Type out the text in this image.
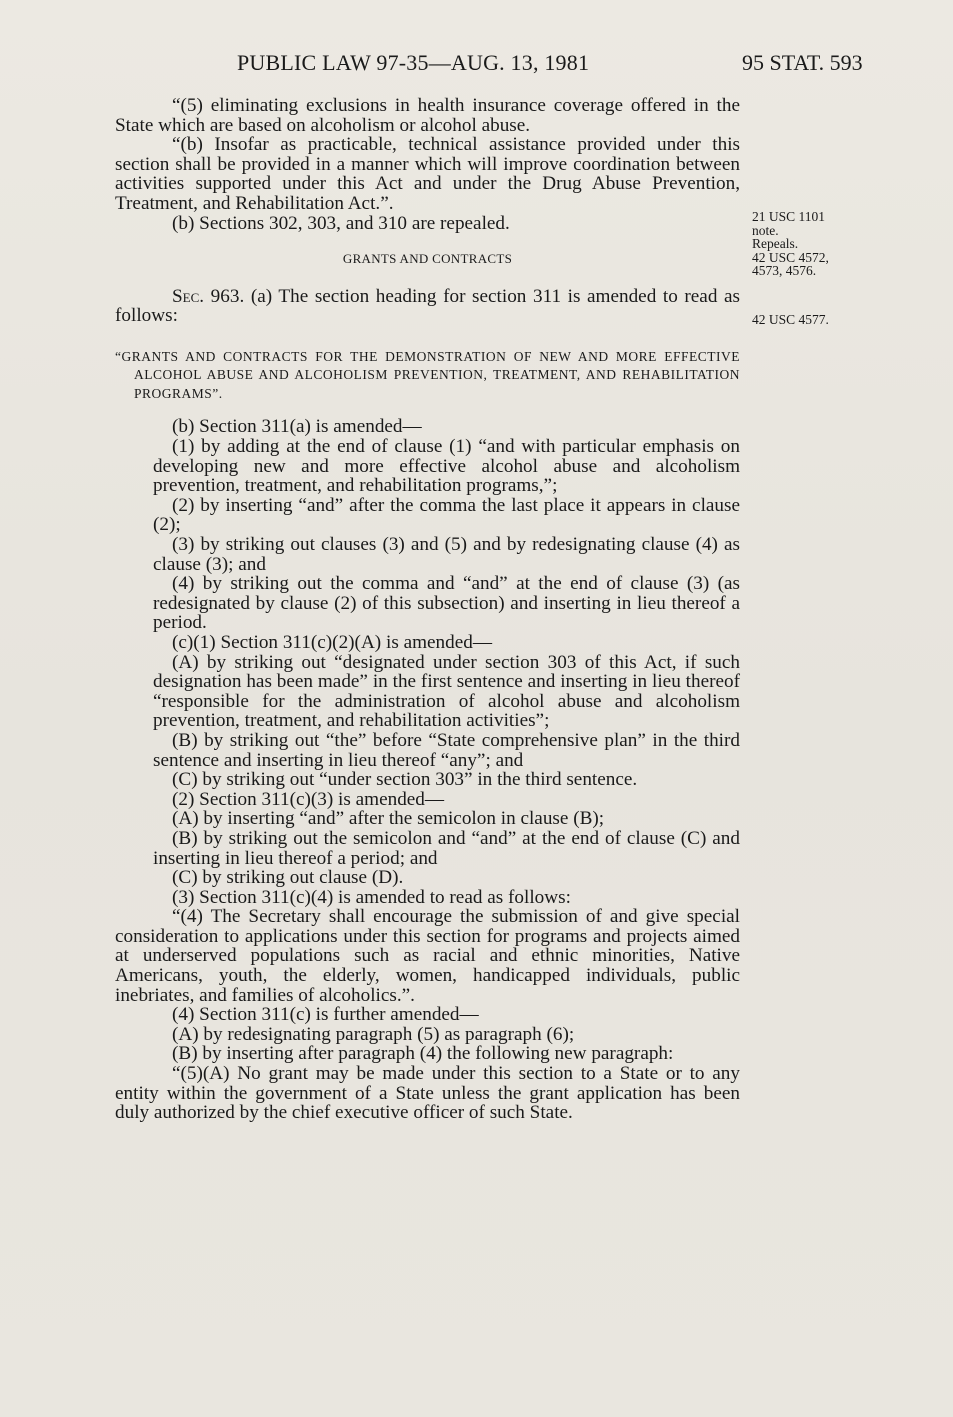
PUBLIC LAW 97-35—AUG. 13, 1981	95 STAT. 593

“(5) eliminating exclusions in health insurance coverage offered in the State which are based on alcoholism or alcohol abuse.

“(b) Insofar as practicable, technical assistance provided under this section shall be provided in a manner which will improve coordination between activities supported under this Act and under the Drug Abuse Prevention, Treatment, and Rehabilitation Act.”.

(b) Sections 302, 303, and 310 are repealed.

GRANTS AND CONTRACTS

Sec. 963. (a) The section heading for section 311 is amended to read as follows:

“GRANTS AND CONTRACTS FOR THE DEMONSTRATION OF NEW AND MORE EFFECTIVE ALCOHOL ABUSE AND ALCOHOLISM PREVENTION, TREATMENT, AND REHABILITATION PROGRAMS”.

(b) Section 311(a) is amended—

(1) by adding at the end of clause (1) “and with particular emphasis on developing new and more effective alcohol abuse and alcoholism prevention, treatment, and rehabilitation programs,”;

(2) by inserting “and” after the comma the last place it appears in clause (2);

(3) by striking out clauses (3) and (5) and by redesignating clause (4) as clause (3); and

(4) by striking out the comma and “and” at the end of clause (3) (as redesignated by clause (2) of this subsection) and inserting in lieu thereof a period.

(c)(1) Section 311(c)(2)(A) is amended—

(A) by striking out “designated under section 303 of this Act, if such designation has been made” in the first sentence and inserting in lieu thereof “responsible for the administration of alcohol abuse and alcoholism prevention, treatment, and rehabilitation activities”;

(B) by striking out “the” before “State comprehensive plan” in the third sentence and inserting in lieu thereof “any”; and

(C) by striking out “under section 303” in the third sentence.

(2) Section 311(c)(3) is amended—

(A) by inserting “and” after the semicolon in clause (B);

(B) by striking out the semicolon and “and” at the end of clause (C) and inserting in lieu thereof a period; and

(C) by striking out clause (D).

(3) Section 311(c)(4) is amended to read as follows:

“(4) The Secretary shall encourage the submission of and give special consideration to applications under this section for programs and projects aimed at underserved populations such as racial and ethnic minorities, Native Americans, youth, the elderly, women, handicapped individuals, public inebriates, and families of alcoholics.”.

(4) Section 311(c) is further amended—

(A) by redesignating paragraph (5) as paragraph (6);

(B) by inserting after paragraph (4) the following new paragraph:

“(5)(A) No grant may be made under this section to a State or to any entity within the government of a State unless the grant application has been duly authorized by the chief executive officer of such State.

21 USC 1101
note.
Repeals.
42 USC 4572,
4573, 4576.
42 USC 4577.
